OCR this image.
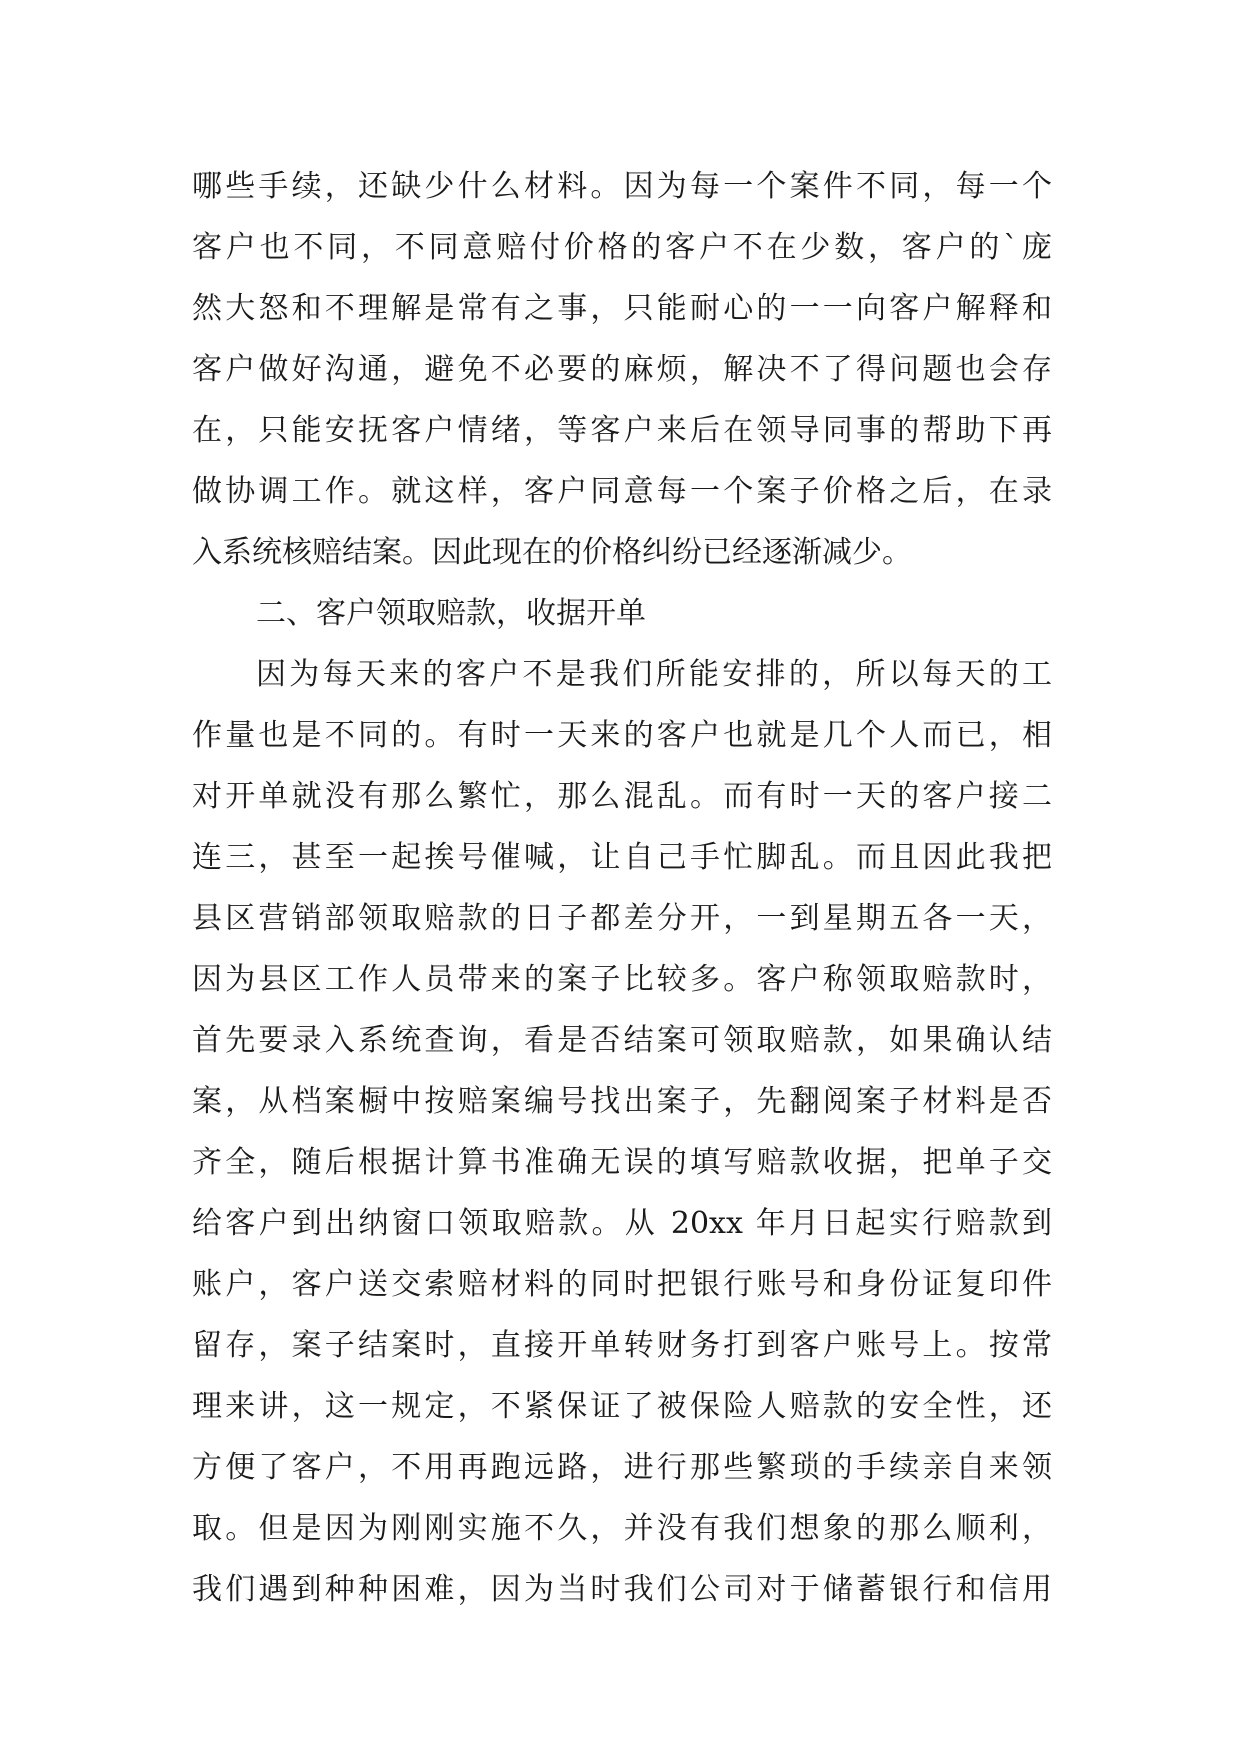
哪些手续，还缺少什么材料。因为每一个案件不同，每一个
客户也不同，不同意赔付价格的客户不在少数，客户的`庞
然大怒和不理解是常有之事，只能耐心的一一向客户解释和
客户做好沟通，避免不必要的麻烦，解决不了得问题也会存
在，只能安抚客户情绪，等客户来后在领导同事的帮助下再
做协调工作。就这样，客户同意每一个案子价格之后，在录
入系统核赔结案。因此现在的价格纠纷已经逐渐减少。
二、客户领取赔款，收据开单
因为每天来的客户不是我们所能安排的，所以每天的工
作量也是不同的。有时一天来的客户也就是几个人而已，相
对开单就没有那么繁忙，那么混乱。而有时一天的客户接二
连三，甚至一起挨号催喊，让自己手忙脚乱。而且因此我把
县区营销部领取赔款的日子都差分开，一到星期五各一天，
因为县区工作人员带来的案子比较多。客户称领取赔款时，
首先要录入系统查询，看是否结案可领取赔款，如果确认结
案，从档案橱中按赔案编号找出案子，先翻阅案子材料是否
齐全，随后根据计算书准确无误的填写赔款收据，把单子交
给客户到出纳窗口领取赔款。从 20xx 年月日起实行赔款到
账户，客户送交索赔材料的同时把银行账号和身份证复印件
留存，案子结案时，直接开单转财务打到客户账号上。按常
理来讲，这一规定，不紧保证了被保险人赔款的安全性，还
方便了客户，不用再跑远路，进行那些繁琐的手续亲自来领
取。但是因为刚刚实施不久，并没有我们想象的那么顺利，
我们遇到种种困难，因为当时我们公司对于储蓄银行和信用
